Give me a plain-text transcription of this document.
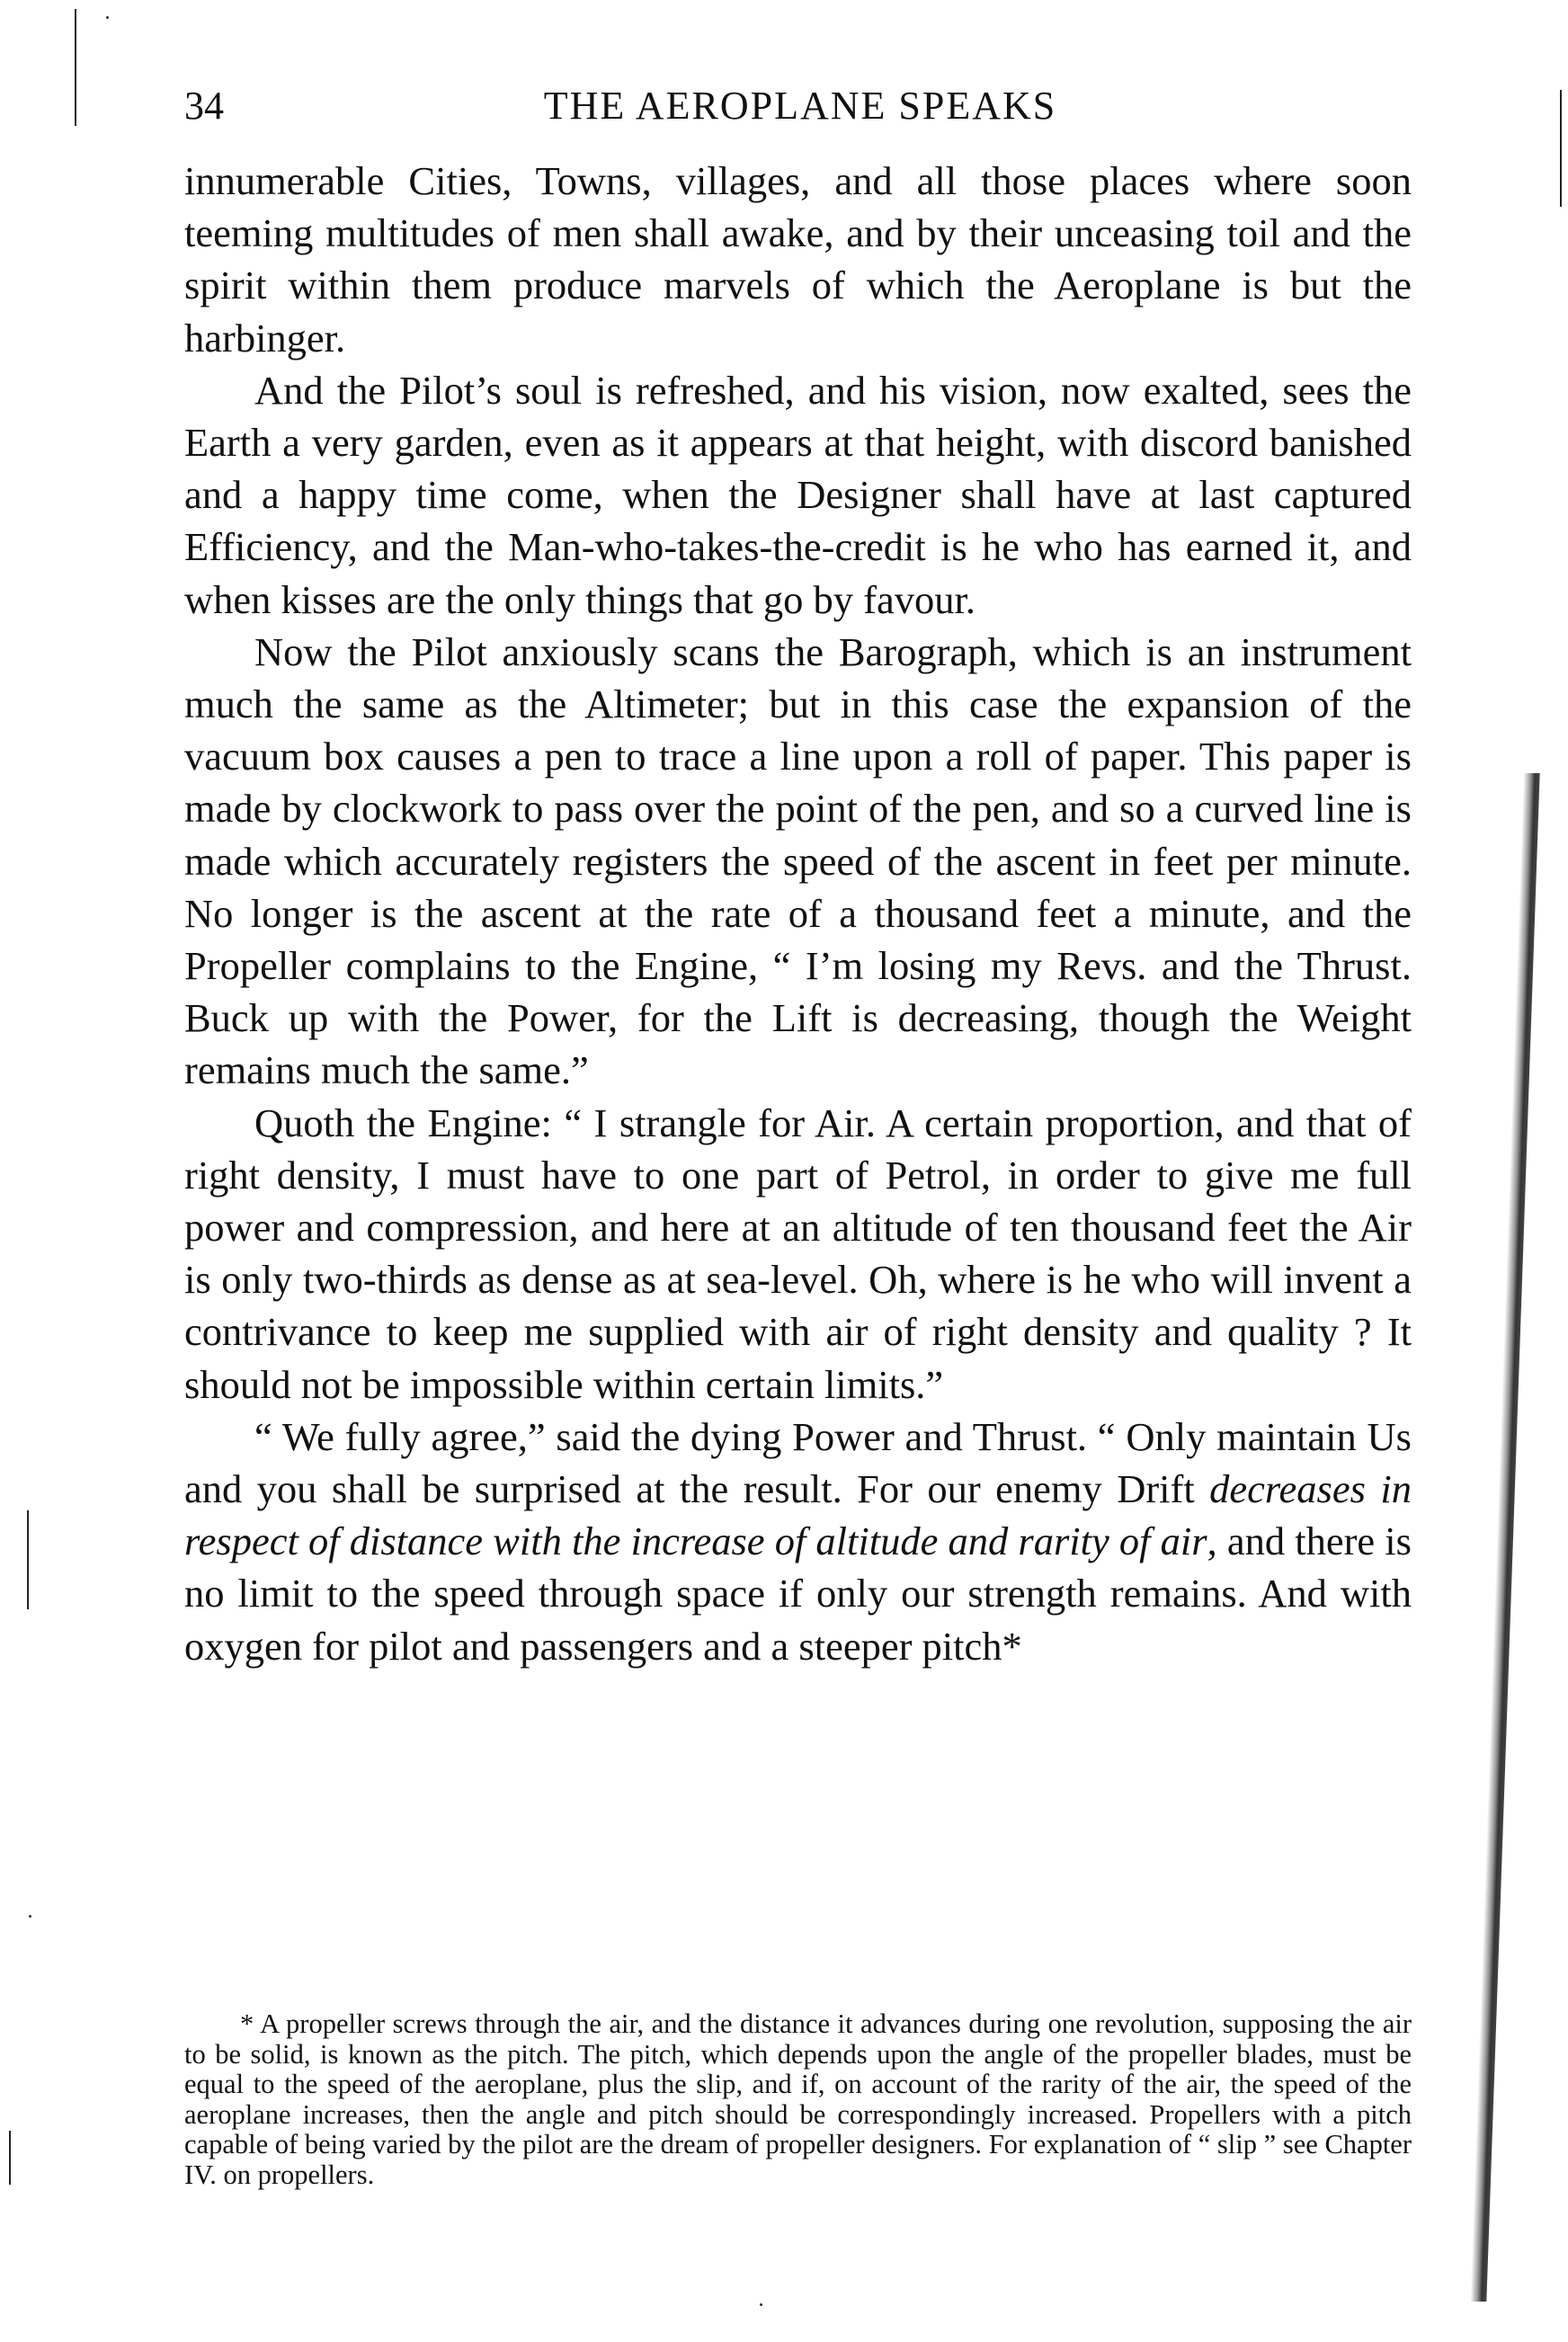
34	THE AEROPLANE SPEAKS

innumerable Cities, Towns, villages, and all those places where soon teeming multitudes of men shall awake, and by their unceasing toil and the spirit within them produce marvels of which the Aeroplane is but the harbinger.

And the Pilot’s soul is refreshed, and his vision, now exalted, sees the Earth a very garden, even as it appears at that height, with discord banished and a happy time come, when the Designer shall have at last captured Efficiency, and the Man-who-takes-the-credit is he who has earned it, and when kisses are the only things that go by favour.

Now the Pilot anxiously scans the Barograph, which is an instrument much the same as the Altimeter; but in this case the expansion of the vacuum box causes a pen to trace a line upon a roll of paper. This paper is made by clockwork to pass over the point of the pen, and so a curved line is made which accurately registers the speed of the ascent in feet per minute. No longer is the ascent at the rate of a thousand feet a minute, and the Propeller complains to the Engine, “ I’m losing my Revs. and the Thrust. Buck up with the Power, for the Lift is decreasing, though the Weight remains much the same.”

Quoth the Engine: “ I strangle for Air. A certain proportion, and that of right density, I must have to one part of Petrol, in order to give me full power and compression, and here at an altitude of ten thousand feet the Air is only two-thirds as dense as at sea-level. Oh, where is he who will invent a contrivance to keep me supplied with air of right density and quality ? It should not be impossible within certain limits.”

“ We fully agree,” said the dying Power and Thrust. “ Only maintain Us and you shall be surprised at the result. For our enemy Drift decreases in respect of distance with the increase of altitude and rarity of air, and there is no limit to the speed through space if only our strength remains. And with oxygen for pilot and passengers and a steeper pitch*

* A propeller screws through the air, and the distance it advances during one revolution, supposing the air to be solid, is known as the pitch. The pitch, which depends upon the angle of the propeller blades, must be equal to the speed of the aeroplane, plus the slip, and if, on account of the rarity of the air, the speed of the aeroplane increases, then the angle and pitch should be correspondingly increased. Propellers with a pitch capable of being varied by the pilot are the dream of propeller designers. For explanation of “ slip ” see Chapter IV. on propellers.
